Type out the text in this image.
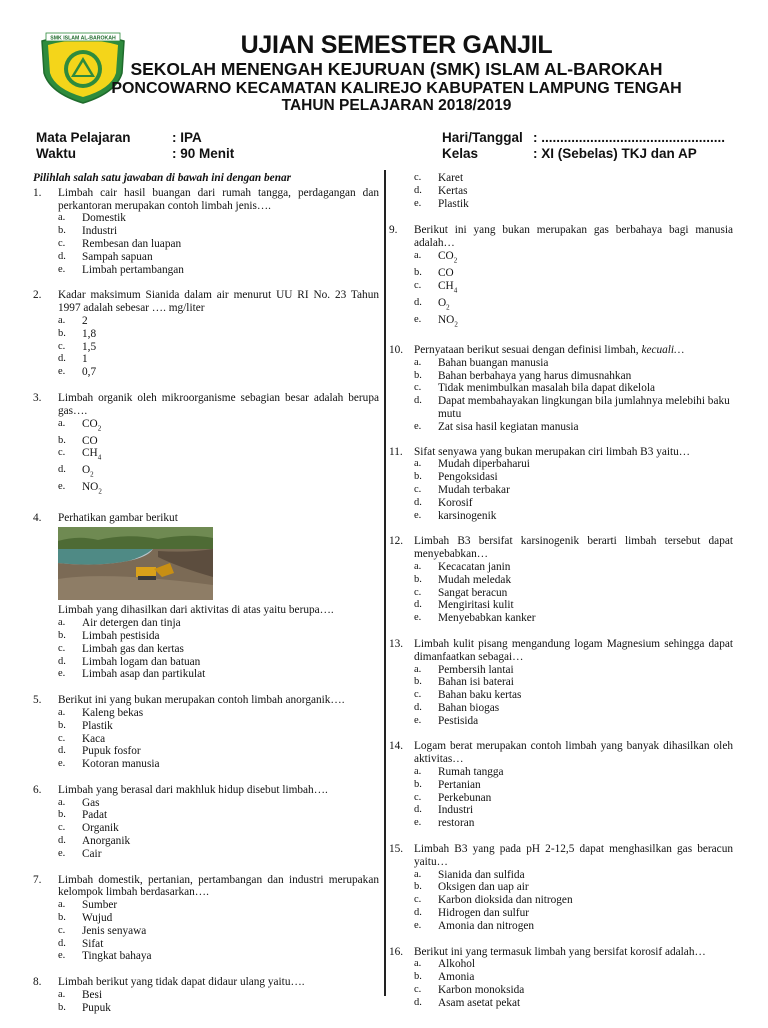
SMK ISLAM AL-BAROKAH	UJIAN SEMESTER GANJIL
SEKOLAH MENENGAH KEJURUAN (SMK) ISLAM AL-BAROKAH
PONCOWARNO KECAMATAN KALIREJO KABUPATEN LAMPUNG TENGAH
TAHUN PELAJARAN 2018/2019
Mata Pelajaran	: IPA
Waktu	: 90 Menit
Hari/Tanggal : .................................................
Kelas	: XI (Sebelas) TKJ dan AP
Pilihlah salah satu jawaban di bawah ini dengan benar
1. Limbah cair hasil buangan dari rumah tangga, perdagangan dan perkantoran merupakan contoh limbah jenis….
a. Domestik
b. Industri
c. Rembesan dan luapan
d. Sampah sapuan
e. Limbah pertambangan
2. Kadar maksimum Sianida dalam air menurut UU RI No. 23 Tahun 1997 adalah sebesar …. mg/liter
a. 2
b. 1,8
c. 1,5
d. 1
e. 0,7
3. Limbah organik oleh mikroorganisme sebagian besar adalah berupa gas….
a. $CO_2$
b. CO
c. $CH_4$
d. $O_2$
e. $NO_2$
4. Perhatikan gambar berikut
Limbah yang dihasilkan dari aktivitas di atas yaitu berupa….
a. Air detergen dan tinja
b. Limbah pestisida
c. Limbah gas dan kertas
d. Limbah logam dan batuan
e. Limbah asap dan partikulat
5. Berikut ini yang bukan merupakan contoh limbah anorganik….
a. Kaleng bekas
b. Plastik
c. Kaca
d. Pupuk fosfor
e. Kotoran manusia
6. Limbah yang berasal dari makhluk hidup disebut limbah….
a. Gas
b. Padat
c. Organik
d. Anorganik
e. Cair
7. Limbah domestik, pertanian, pertambangan dan industri merupakan kelompok limbah berdasarkan….
a. Sumber
b. Wujud
c. Jenis senyawa
d. Sifat
e. Tingkat bahaya
8. Limbah berikut yang tidak dapat didaur ulang yaitu….
a. Besi
b. Pupuk
c. Karet
d. Kertas
e. Plastik
9. Berikut ini yang bukan merupakan gas berbahaya bagi manusia adalah…
a. $CO_2$
b. CO
c. $CH_4$
d. $O_2$
e. $NO_2$
10. Pernyataan berikut sesuai dengan definisi limbah, kecuali…
a. Bahan buangan manusia
b. Bahan berbahaya yang harus dimusnahkan
c. Tidak menimbulkan masalah bila dapat dikelola
d. Dapat membahayakan lingkungan bila jumlahnya melebihi baku mutu
e. Zat sisa hasil kegiatan manusia
11. Sifat senyawa yang bukan merupakan ciri limbah B3 yaitu…
a. Mudah diperbaharui
b. Pengoksidasi
c. Mudah terbakar
d. Korosif
e. karsinogenik
12. Limbah B3 bersifat karsinogenik berarti limbah tersebut dapat menyebabkan…
a. Kecacatan janin
b. Mudah meledak
c. Sangat beracun
d. Mengiritasi kulit
e. Menyebabkan kanker
13. Limbah kulit pisang mengandung logam Magnesium sehingga dapat dimanfaatkan sebagai…
a. Pembersih lantai
b. Bahan isi baterai
c. Bahan baku kertas
d. Bahan biogas
e. Pestisida
14. Logam berat merupakan contoh limbah yang banyak dihasilkan oleh aktivitas…
a. Rumah tangga
b. Pertanian
c. Perkebunan
d. Industri
e. restoran
15. Limbah B3 yang pada pH 2-12,5 dapat menghasilkan gas beracun yaitu…
a. Sianida dan sulfida
b. Oksigen dan uap air
c. Karbon dioksida dan nitrogen
d. Hidrogen dan sulfur
e. Amonia dan nitrogen
16. Berikut ini yang termasuk limbah yang bersifat korosif adalah…
a. Alkohol
b. Amonia
c. Karbon monoksida
d. Asam asetat pekat
